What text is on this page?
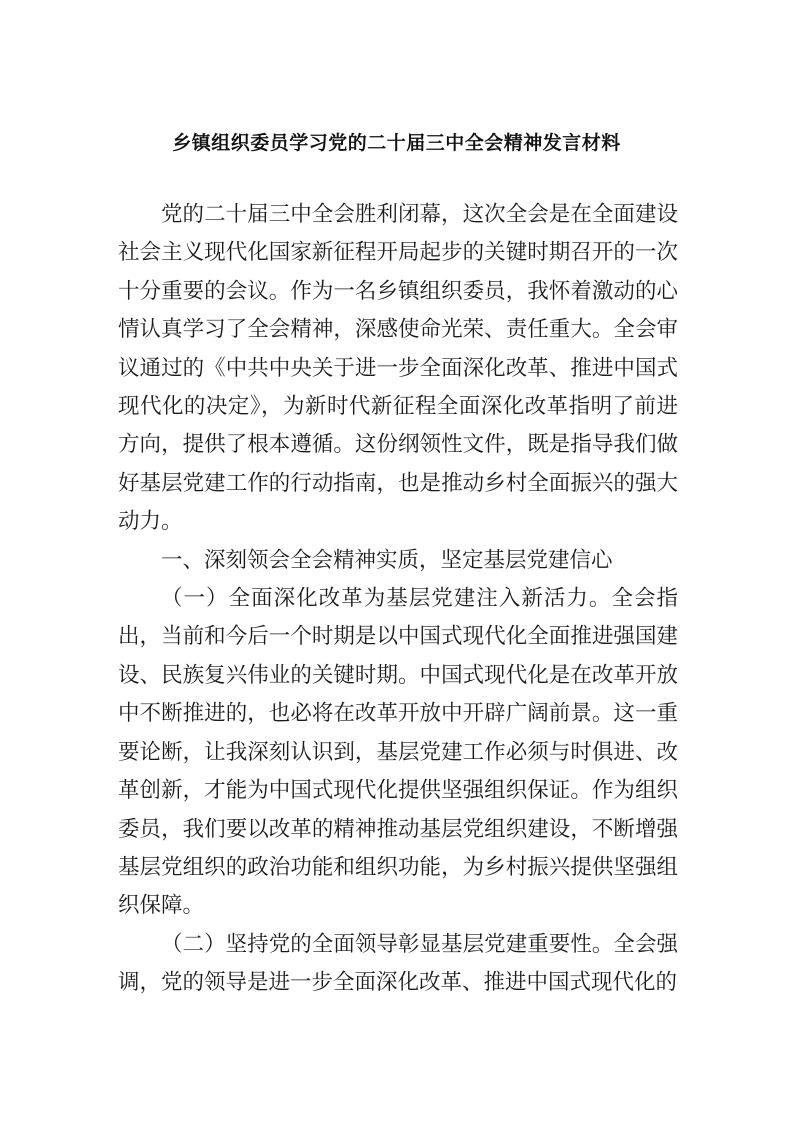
乡镇组织委员学习党的二十届三中全会精神发言材料

党的二十届三中全会胜利闭幕，这次全会是在全面建设社会主义现代化国家新征程开局起步的关键时期召开的一次十分重要的会议。作为一名乡镇组织委员，我怀着激动的心情认真学习了全会精神，深感使命光荣、责任重大。全会审议通过的《中共中央关于进一步全面深化改革、推进中国式现代化的决定》，为新时代新征程全面深化改革指明了前进方向，提供了根本遵循。这份纲领性文件，既是指导我们做好基层党建工作的行动指南，也是推动乡村全面振兴的强大动力。

一、深刻领会全会精神实质，坚定基层党建信心

（一）全面深化改革为基层党建注入新活力。全会指出，当前和今后一个时期是以中国式现代化全面推进强国建设、民族复兴伟业的关键时期。中国式现代化是在改革开放中不断推进的，也必将在改革开放中开辟广阔前景。这一重要论断，让我深刻认识到，基层党建工作必须与时俱进、改革创新，才能为中国式现代化提供坚强组织保证。作为组织委员，我们要以改革的精神推动基层党组织建设，不断增强基层党组织的政治功能和组织功能，为乡村振兴提供坚强组织保障。

（二）坚持党的全面领导彰显基层党建重要性。全会强调，党的领导是进一步全面深化改革、推进中国式现代化的
